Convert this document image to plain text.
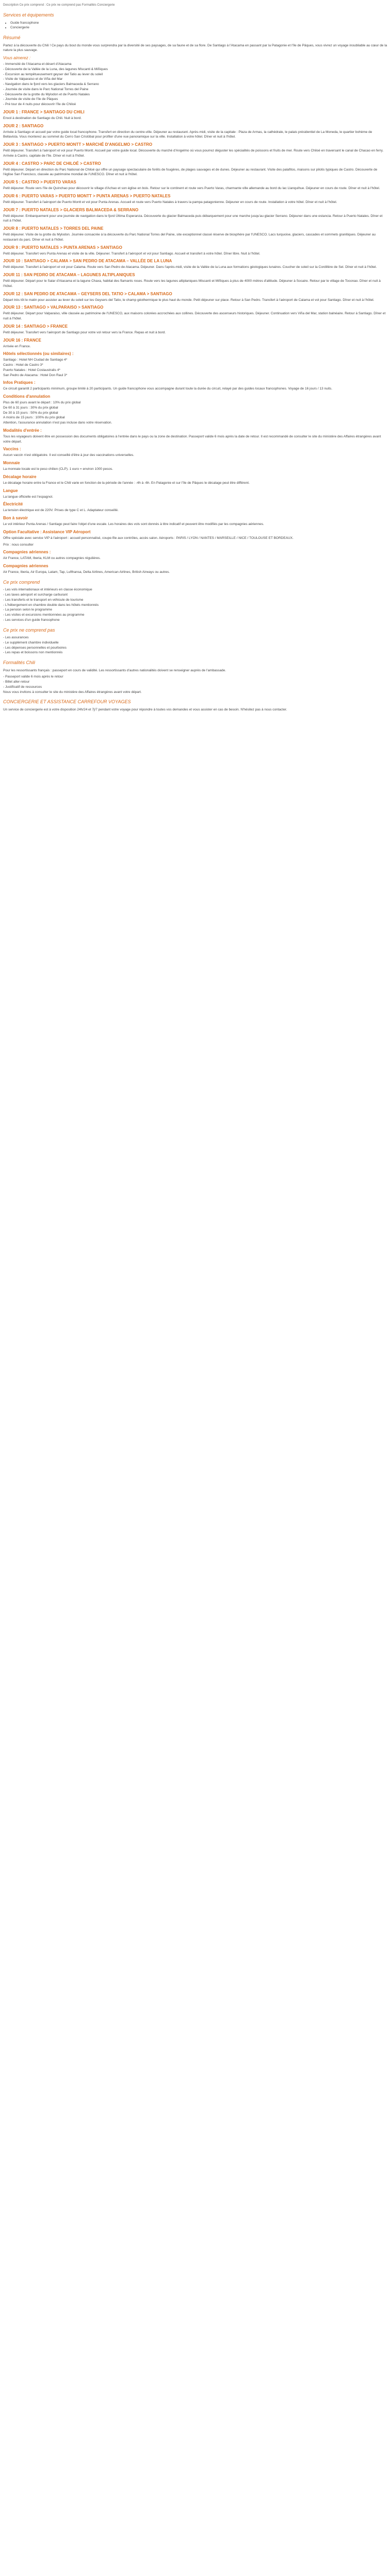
Description Ce prix comprend : Ce prix ne comprend pas Formalités Conciergerie
Services et équipements
• Guide francophone
• Conciergerie
Résumé

Partez à la découverte du Chili ! Ce pays du bout du monde vous surprendra par la diversité de ses paysages, de sa faune et de sa flore. De Santiago à l'Atacama en passant par la Patagonie et l'île de Pâques, vous vivrez un voyage inoubliable au cœur de la nature la plus sauvage.

Vous aimerez :
- Immensité de l'Atacama et désert d'Atacama
- Découverte de la Vallée de la Luna, des lagunes Miscanti & Miñiques
- Excursion au tempêtueusement geyser del Tatio au lever du soleil
- Visite de Valparaiso et de Viña del Mar
- Navigation dans le fjord vers les glaciers Balmaceda & Serrano
- Journée de visite dans le Parc National Torres del Paine
- Découverte de la grotte du Mylodon et de Puerto Natales
- Journée de visite de l'île de Pâques
- Pré tour de 4 nuits pour découvrir l'île de Chiloé
JOUR 1 : FRANCE > SANTIAGO DU CHILI

Envol à destination de Santiago du Chili. Nuit à bord.

JOUR 2 : SANTIAGO

Arrivée à Santiago et accueil par votre guide local francophone. Transfert en direction du centre-ville. Déjeuner au restaurant. Après-midi, visite de la capitale : Plaza de Armas, la cathédrale, le palais présidentiel de La Moneda, le quartier bohème de Bellavista. Vous monterez au sommet du Cerro San Cristóbal pour profiter d'une vue panoramique sur la ville. Installation à votre hôtel. Dîner et nuit à l'hôtel.

JOUR 3 : SANTIAGO > PUERTO MONTT > MARCHÉ D'ANGELMO > CASTRO

Petit déjeuner. Transfert à l'aéroport et vol pour Puerto Montt. Accueil par votre guide local. Découverte du marché d'Angelmo où vous pourrez déguster les spécialités de poissons et fruits de mer. Route vers Chiloé en traversant le canal de Chacao en ferry. Arrivée à Castro, capitale de l'île. Dîner et nuit à l'hôtel.

JOUR 4 : CASTRO > PARC DE CHILOÉ > CASTRO

Petit déjeuner. Départ en direction du Parc National de Chiloé qui offre un paysage spectaculaire de forêts de fougères, de plages sauvages et de dunes. Déjeuner au restaurant. Visite des palafitos, maisons sur pilotis typiques de Castro. Découverte de l'église San Francisco, classée au patrimoine mondial de l'UNESCO. Dîner et nuit à l'hôtel.

JOUR 5 : CASTRO > PUERTO VARAS

Petit déjeuner. Route vers l'île de Quinchao pour découvrir le village d'Achao et son église en bois. Retour sur le continent et route vers Puerto Varas, charmante ville allemande au bord du lac Llanquihue. Déjeuner en cours de route. Dîner et nuit à l'hôtel.

JOUR 6 : PUERTO VARAS > PUERTO MONTT > PUNTA ARENAS > PUERTO NATALES

Petit déjeuner. Transfert à l'aéroport de Puerto Montt et vol pour Punta Arenas. Accueil et route vers Puerto Natales à travers la pampa patagonienne. Déjeuner en cours de route. Installation à votre hôtel. Dîner et nuit à l'hôtel.

JOUR 7 : PUERTO NATALES > GLACIERS BALMACEDA & SERRANO

Petit déjeuner. Embarquement pour une journée de navigation dans le fjord Última Esperanza. Découverte du glacier Balmaceda puis débarquement pour une marche jusqu'au glacier Serrano. Déjeuner dans une estancia. Retour à Puerto Natales. Dîner et nuit à l'hôtel.

JOUR 8 : PUERTO NATALES > TORRES DEL PAINE

Petit déjeuner. Visite de la grotte du Mylodon. Journée consacrée à la découverte du Parc National Torres del Paine, site exceptionnel classé réserve de biosphère par l'UNESCO. Lacs turquoise, glaciers, cascades et sommets granitiques. Déjeuner au restaurant du parc. Dîner et nuit à l'hôtel.

JOUR 9 : PUERTO NATALES > PUNTA ARENAS > SANTIAGO

Petit déjeuner. Transfert vers Punta Arenas et visite de la ville. Déjeuner. Transfert à l'aéroport et vol pour Santiago. Accueil et transfert à votre hôtel. Dîner libre. Nuit à l'hôtel.

JOUR 10 : SANTIAGO > CALAMA > SAN PEDRO DE ATACAMA – VALLÉE DE LA LUNA

Petit déjeuner. Transfert à l'aéroport et vol pour Calama. Route vers San Pedro de Atacama. Déjeuner. Dans l'après-midi, visite de la Vallée de la Luna aux formations géologiques lunaires. Coucher de soleil sur la Cordillère de Sel. Dîner et nuit à l'hôtel.

JOUR 11 : SAN PEDRO DE ATACAMA – LAGUNES ALTIPLANIQUES

Petit déjeuner. Départ pour le Salar d'Atacama et la lagune Chaxa, habitat des flamants roses. Route vers les lagunes altiplaniques Miscanti et Miñiques à plus de 4000 mètres d'altitude. Déjeuner à Socaire. Retour par le village de Toconao. Dîner et nuit à l'hôtel.

JOUR 12 : SAN PEDRO DE ATACAMA – GEYSERS DEL TATIO > CALAMA > SANTIAGO

Départ très tôt le matin pour assister au lever du soleil sur les Geysers del Tatio, le champ géothermique le plus haut du monde. Petit déjeuner sur place. Retour à San Pedro. Transfert à l'aéroport de Calama et vol pour Santiago. Dîner et nuit à l'hôtel.

JOUR 13 : SANTIAGO > VALPARAISO > SANTIAGO

Petit déjeuner. Départ pour Valparaiso, ville classée au patrimoine de l'UNESCO, aux maisons colorées accrochées aux collines. Découverte des ascenseurs historiques. Déjeuner. Continuation vers Viña del Mar, station balnéaire. Retour à Santiago. Dîner et nuit à l'hôtel.

JOUR 14 : SANTIAGO > FRANCE

Petit déjeuner. Transfert vers l'aéroport de Santiago pour votre vol retour vers la France. Repas et nuit à bord.

JOUR 16 : FRANCE

Arrivée en France.

Hôtels sélectionnés (ou similaires) :
Santiago : Hotel NH Ciudad de Santiago 4*
Castro : Hotel de Castro 3*
Puerto Natales : Hotel Costaustralis 4*
San Pedro de Atacama : Hotel Don Raul 3*
Infos Pratiques :

Ce circuit garantit 2 participants minimum, groupe limité à 20 participants. Un guide francophone vous accompagne durant toute la durée du circuit, relayé par des guides locaux francophones. Voyage de 16 jours / 13 nuits.

Conditions d'annulation
Plus de 60 jours avant le départ : 10% du prix global
De 60 à 31 jours : 30% du prix global
De 30 à 15 jours : 50% du prix global
A moins de 15 jours : 100% du prix global
Attention, l'assurance annulation n'est pas incluse dans votre réservation.
Modalités d'entrée :

Tous les voyageurs doivent être en possession des documents obligatoires à l'entrée dans le pays ou la zone de destination. Passeport valide 6 mois après la date de retour. Il est recommandé de consulter le site du ministère des Affaires étrangères avant votre départ.

Vaccins :

Aucun vaccin n'est obligatoire. Il est conseillé d'être à jour des vaccinations universelles.

Monnaie

La monnaie locale est le peso chilien (CLP). 1 euro = environ 1000 pesos.

Décalage horaire

Le décalage horaire entre la France et le Chili varie en fonction de la période de l'année : -4h à -6h. En Patagonie et sur l'île de Pâques le décalage peut être différent.

Langue

La langue officielle est l'espagnol.

Électricité

La tension électrique est de 220V. Prises de type C et L. Adaptateur conseillé.

Bon à savoir

Le vol intérieur Punta Arenas / Santiago peut faire l'objet d'une escale. Les horaires des vols sont donnés à titre indicatif et peuvent être modifiés par les compagnies aériennes.

Option Facultative : Assistance VIP Aéroport

Offre spéciale avec service VIP à l'aéroport : accueil personnalisé, coupe-file aux contrôles, accès salon. Aéroports : PARIS / LYON / NANTES / MARSEILLE / NICE / TOULOUSE ET BORDEAUX.

Prix : nous consulter

Compagnies aériennes :

Air France, LATAM, Iberia, KLM ou autres compagnies régulières.

Compagnies aériennes

Air France, Iberia, Air Europa, Latam, Tap, Lufthansa, Delta Airlines, American Airlines, British Airways ou autres.

Ce prix comprend
- Les vols internationaux et intérieurs en classe économique
- Les taxes aéroport et surcharge carburant
- Les transferts et le transport en véhicule de tourisme
- L'hébergement en chambre double dans les hôtels mentionnés
- La pension selon le programme
- Les visites et excursions mentionnées au programme
- Les services d'un guide francophone
Ce prix ne comprend pas
- Les assurances
- Le supplément chambre individuelle
- Les dépenses personnelles et pourboires
- Les repas et boissons non mentionnés
Formalités Chili

Pour les ressortissants français : passeport en cours de validité. Les ressortissants d'autres nationalités doivent se renseigner auprès de l'ambassade.

- Passeport valide 6 mois après le retour
- Billet aller-retour
- Justificatif de ressources

Nous vous invitons à consulter le site du ministère des Affaires étrangères avant votre départ.

CONCIERGERIE ET ASSISTANCE CARREFOUR VOYAGES

Un service de conciergerie est à votre disposition 24h/24 et 7j/7 pendant votre voyage pour répondre à toutes vos demandes et vous assister en cas de besoin. N'hésitez pas à nous contacter.
